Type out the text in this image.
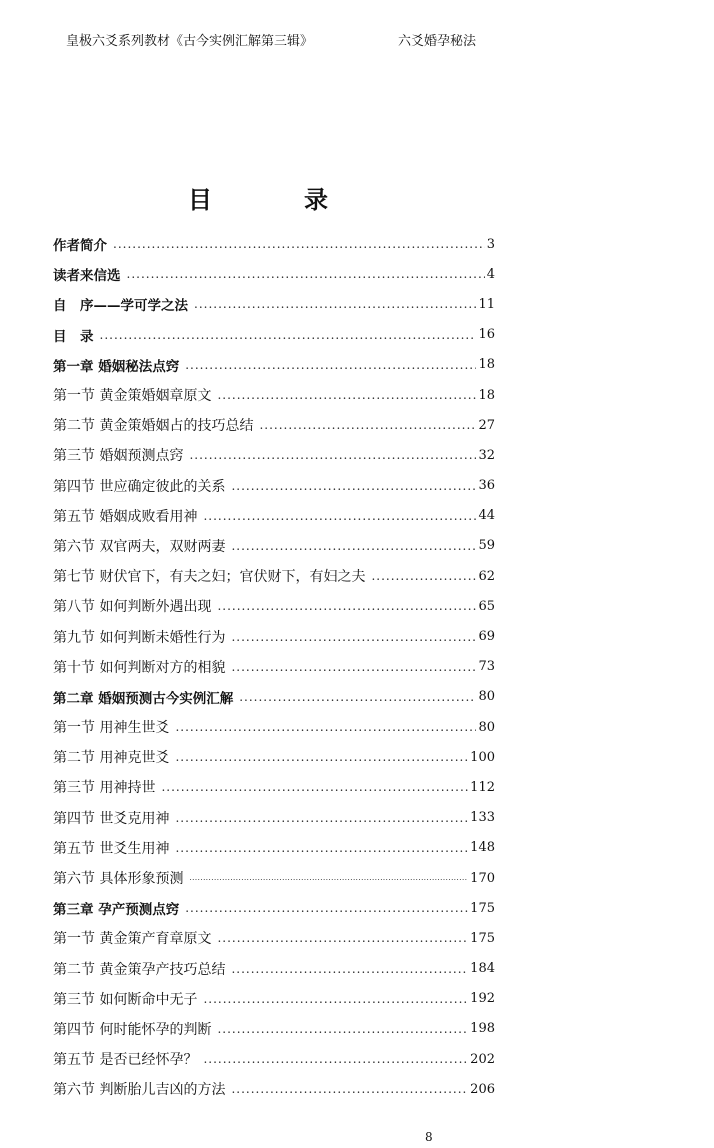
皇极六爻系列教材《古今实例汇解第三辑》	六爻婚孕秘法
目	录
作者简介 .....	3
读者来信选 .....	4
自　序——学可学之法 .....	11
目　录 .....	16
第一章 婚姻秘法点窍 .....	18
第一节 黄金策婚姻章原文 .....	18
第二节 黄金策婚姻占的技巧总结 .....	27
第三节 婚姻预测点窍 .....	32
第四节 世应确定彼此的关系 .....	36
第五节 婚姻成败看用神 .....	44
第六节 双官两夫，双财两妻 .....	59
第七节 财伏官下，有夫之妇；官伏财下，有妇之夫 .....	62
第八节 如何判断外遇出现 .....	65
第九节 如何判断未婚性行为 .....	69
第十节 如何判断对方的相貌 .....	73
第二章 婚姻预测古今实例汇解 .....	80
第一节 用神生世爻 .....	80
第二节 用神克世爻 .....	100
第三节 用神持世 .....	112
第四节 世爻克用神 .....	133
第五节 世爻生用神 .....	148
第六节 具体形象预测 .....	170
第三章 孕产预测点窍 .....	175
第一节 黄金策产育章原文 .....	175
第二节 黄金策孕产技巧总结 .....	184
第三节 如何断命中无子 .....	192
第四节 何时能怀孕的判断 .....	198
第五节 是否已经怀孕？ .....	202
第六节 判断胎儿吉凶的方法 .....	206
8
